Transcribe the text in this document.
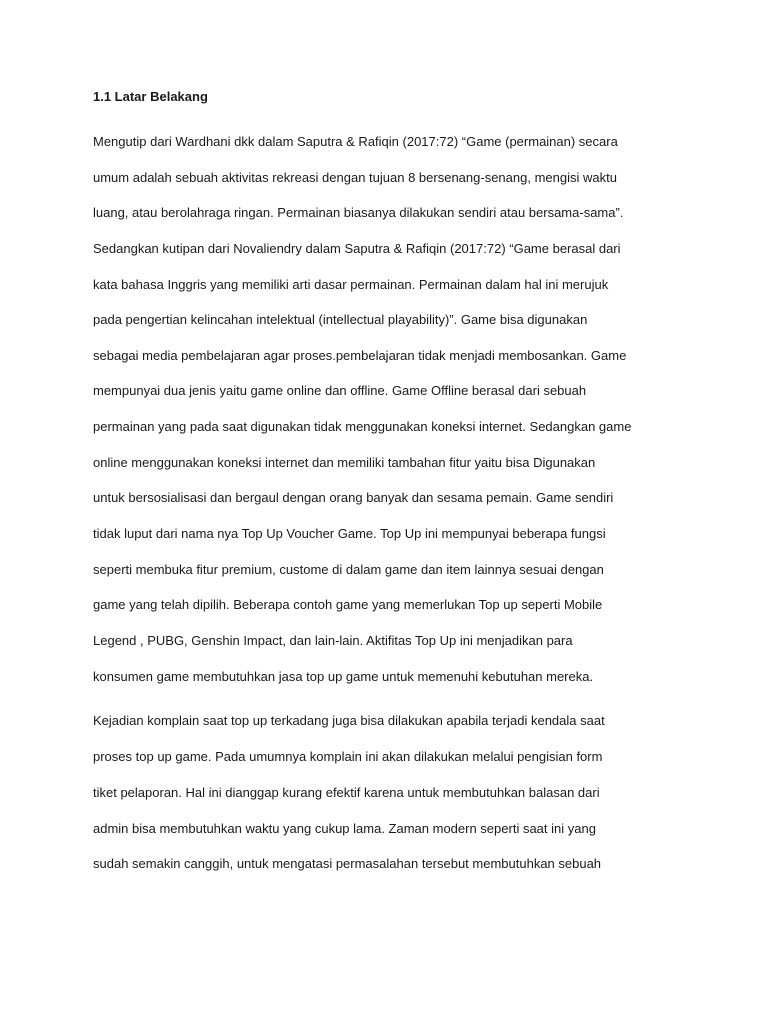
1.1 Latar Belakang

Mengutip dari Wardhani dkk dalam Saputra & Rafiqin (2017:72) “Game (permainan) secara

umum adalah sebuah aktivitas rekreasi dengan tujuan 8 bersenang-senang, mengisi waktu

luang, atau berolahraga ringan. Permainan biasanya dilakukan sendiri atau bersama-sama”.

Sedangkan kutipan dari Novaliendry dalam Saputra & Rafiqin (2017:72) “Game berasal dari

kata bahasa Inggris yang memiliki arti dasar permainan. Permainan dalam hal ini merujuk

pada pengertian kelincahan intelektual (intellectual playability)”. Game bisa digunakan

sebagai media pembelajaran agar proses.pembelajaran tidak menjadi membosankan. Game

mempunyai dua jenis yaitu game online dan offline. Game Offline berasal dari sebuah

permainan yang pada saat digunakan tidak menggunakan koneksi internet. Sedangkan game

online menggunakan koneksi internet dan memiliki tambahan fitur yaitu bisa Digunakan

untuk bersosialisasi dan bergaul dengan orang banyak dan sesama pemain. Game sendiri

tidak luput dari nama nya Top Up Voucher Game. Top Up ini mempunyai beberapa fungsi

seperti membuka fitur premium, custome di dalam game dan item lainnya sesuai dengan

game yang telah dipilih. Beberapa contoh game yang memerlukan Top up seperti Mobile

Legend , PUBG, Genshin Impact, dan lain-lain. Aktifitas Top Up ini menjadikan para

konsumen game membutuhkan jasa top up game untuk memenuhi kebutuhan mereka.

Kejadian komplain saat top up terkadang juga bisa dilakukan apabila terjadi kendala saat

proses top up game. Pada umumnya komplain ini akan dilakukan melalui pengisian form

tiket pelaporan. Hal ini dianggap kurang efektif karena untuk membutuhkan balasan dari

admin bisa membutuhkan waktu yang cukup lama. Zaman modern seperti saat ini yang

sudah semakin canggih, untuk mengatasi permasalahan tersebut membutuhkan sebuah
